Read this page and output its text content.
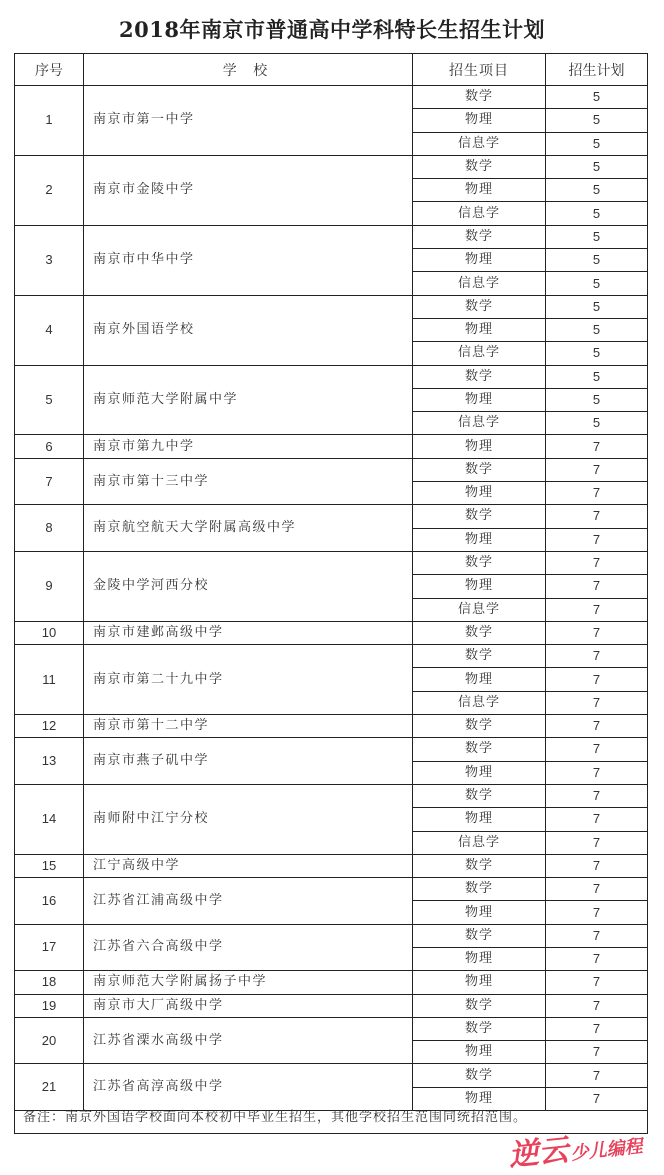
2018年南京市普通高中学科特长生招生计划
序号	学 校	招生项目	招生计划
1	南京市第一中学	数学	5
		物理	5
		信息学	5
2	南京市金陵中学	数学	5
		物理	5
		信息学	5
3	南京市中华中学	数学	5
		物理	5
		信息学	5
4	南京外国语学校	数学	5
		物理	5
		信息学	5
5	南京师范大学附属中学	数学	5
		物理	5
		信息学	5
6	南京市第九中学	物理	7
7	南京市第十三中学	数学	7
		物理	7
8	南京航空航天大学附属高级中学	数学	7
		物理	7
9	金陵中学河西分校	数学	7
		物理	7
		信息学	7
10	南京市建邺高级中学	数学	7
11	南京市第二十九中学	数学	7
		物理	7
		信息学	7
12	南京市第十二中学	数学	7
13	南京市燕子矶中学	数学	7
		物理	7
14	南师附中江宁分校	数学	7
		物理	7
		信息学	7
15	江宁高级中学	数学	7
16	江苏省江浦高级中学	数学	7
		物理	7
17	江苏省六合高级中学	数学	7
		物理	7
18	南京师范大学附属扬子中学	物理	7
19	南京市大厂高级中学	数学	7
20	江苏省溧水高级中学	数学	7
		物理	7
21	江苏省高淳高级中学	数学	7
		物理	7

备注：南京外国语学校面向本校初中毕业生招生，其他学校招生范围同统招范围。			
逆云少儿编程
